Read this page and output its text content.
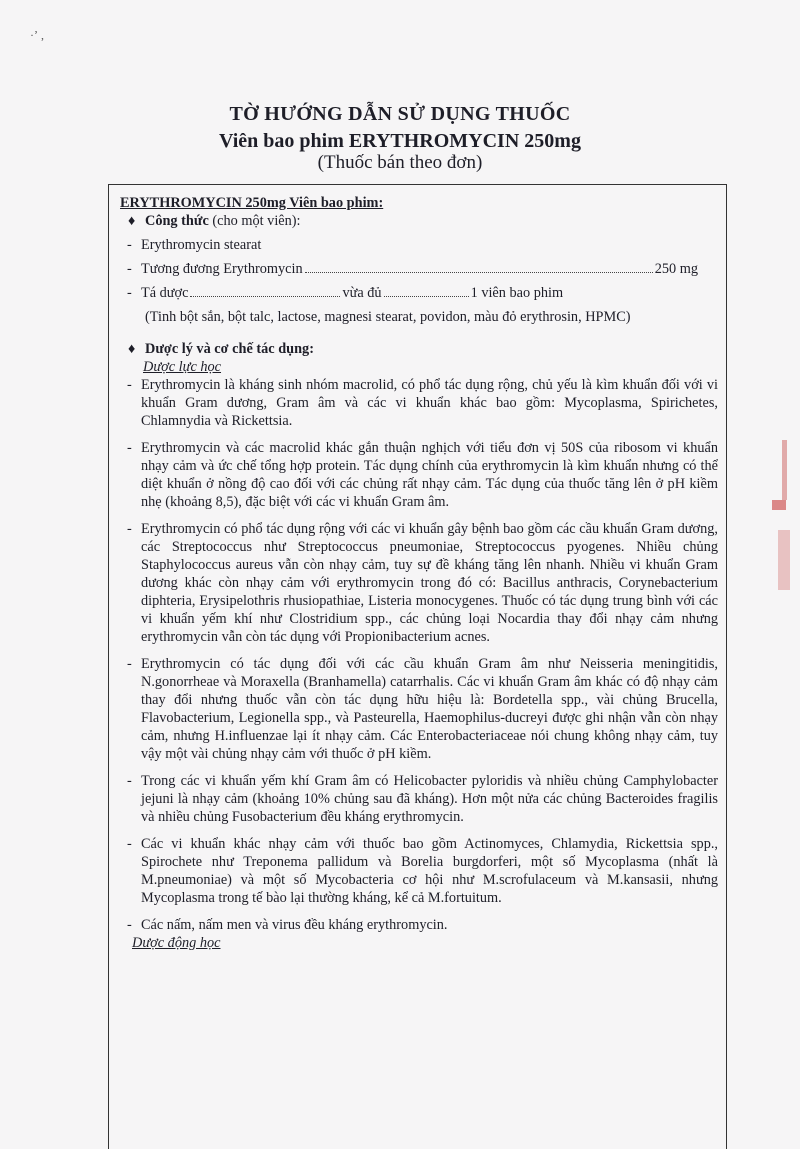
·ʼ ,
TỜ HƯỚNG DẪN SỬ DỤNG THUỐC
Viên bao phim ERYTHROMYCIN 250mg
(Thuốc bán theo đơn)

ERYTHROMYCIN 250mg Viên bao phim:

♦ Công thức (cho một viên):

- Erythromycin stearat
- Tương đương Erythromycin	250 mg
- Tá dược	vừa đủ	1 viên bao phim

(Tinh bột sắn, bột talc, lactose, magnesi stearat, povidon, màu đỏ erythrosin, HPMC)

♦ Dược lý và cơ chế tác dụng:

Dược lực học

- Erythromycin là kháng sinh nhóm macrolid, có phổ tác dụng rộng, chủ yếu là kìm khuẩn đối với vi khuẩn Gram dương, Gram âm và các vi khuẩn khác bao gồm: Mycoplasma, Spirichetes, Chlamnydia và Rickettsia.

- Erythromycin và các macrolid khác gắn thuận nghịch với tiểu đơn vị 50S của ribosom vi khuẩn nhạy cảm và ức chế tổng hợp protein. Tác dụng chính của erythromycin là kìm khuẩn nhưng có thể diệt khuẩn ở nồng độ cao đối với các chủng rất nhạy cảm. Tác dụng của thuốc tăng lên ở pH kiềm nhẹ (khoảng 8,5), đặc biệt với các vi khuẩn Gram âm.

- Erythromycin có phổ tác dụng rộng với các vi khuẩn gây bệnh bao gồm các cầu khuẩn Gram dương, các Streptococcus như Streptococcus pneumoniae, Streptococcus pyogenes. Nhiều chủng Staphylococcus aureus vẫn còn nhạy cảm, tuy sự đề kháng tăng lên nhanh. Nhiều vi khuẩn Gram dương khác còn nhạy cảm với erythromycin trong đó có: Bacillus anthracis, Corynebacterium diphteria, Erysipelothris rhusiopathiae, Listeria monocygenes. Thuốc có tác dụng trung bình với các vi khuẩn yếm khí như Clostridium spp., các chủng loại Nocardia thay đổi nhạy cảm nhưng erythromycin vẫn còn tác dụng với Propionibacterium acnes.

- Erythromycin có tác dụng đối với các cầu khuẩn Gram âm như Neisseria meningitidis, N.gonorrheae và Moraxella (Branhamella) catarrhalis. Các vi khuẩn Gram âm khác có độ nhạy cảm thay đổi nhưng thuốc vẫn còn tác dụng hữu hiệu là: Bordetella spp., vài chủng Brucella, Flavobacterium, Legionella spp., và Pasteurella, Haemophilus-ducreyi được ghi nhận vẫn còn nhạy cảm, nhưng H.influenzae lại ít nhạy cảm. Các Enterobacteriaceae nói chung không nhạy cảm, tuy vậy một vài chủng nhạy cảm với thuốc ở pH kiềm.

- Trong các vi khuẩn yếm khí Gram âm có Helicobacter pyloridis và nhiều chủng Camphylobacter jejuni là nhạy cảm (khoảng 10% chủng sau đã kháng). Hơn một nửa các chủng Bacteroides fragilis và nhiều chủng Fusobacterium đều kháng erythromycin.

- Các vi khuẩn khác nhạy cảm với thuốc bao gồm Actinomyces, Chlamydia, Rickettsia spp., Spirochete như Treponema pallidum và Borelia burgdorferi, một số Mycoplasma (nhất là M.pneumoniae) và một số Mycobacteria cơ hội như M.scrofulaceum và M.kansasii, nhưng Mycoplasma trong tế bào lại thường kháng, kể cả M.fortuitum.

- Các nấm, nấm men và virus đều kháng erythromycin.

Dược động học
